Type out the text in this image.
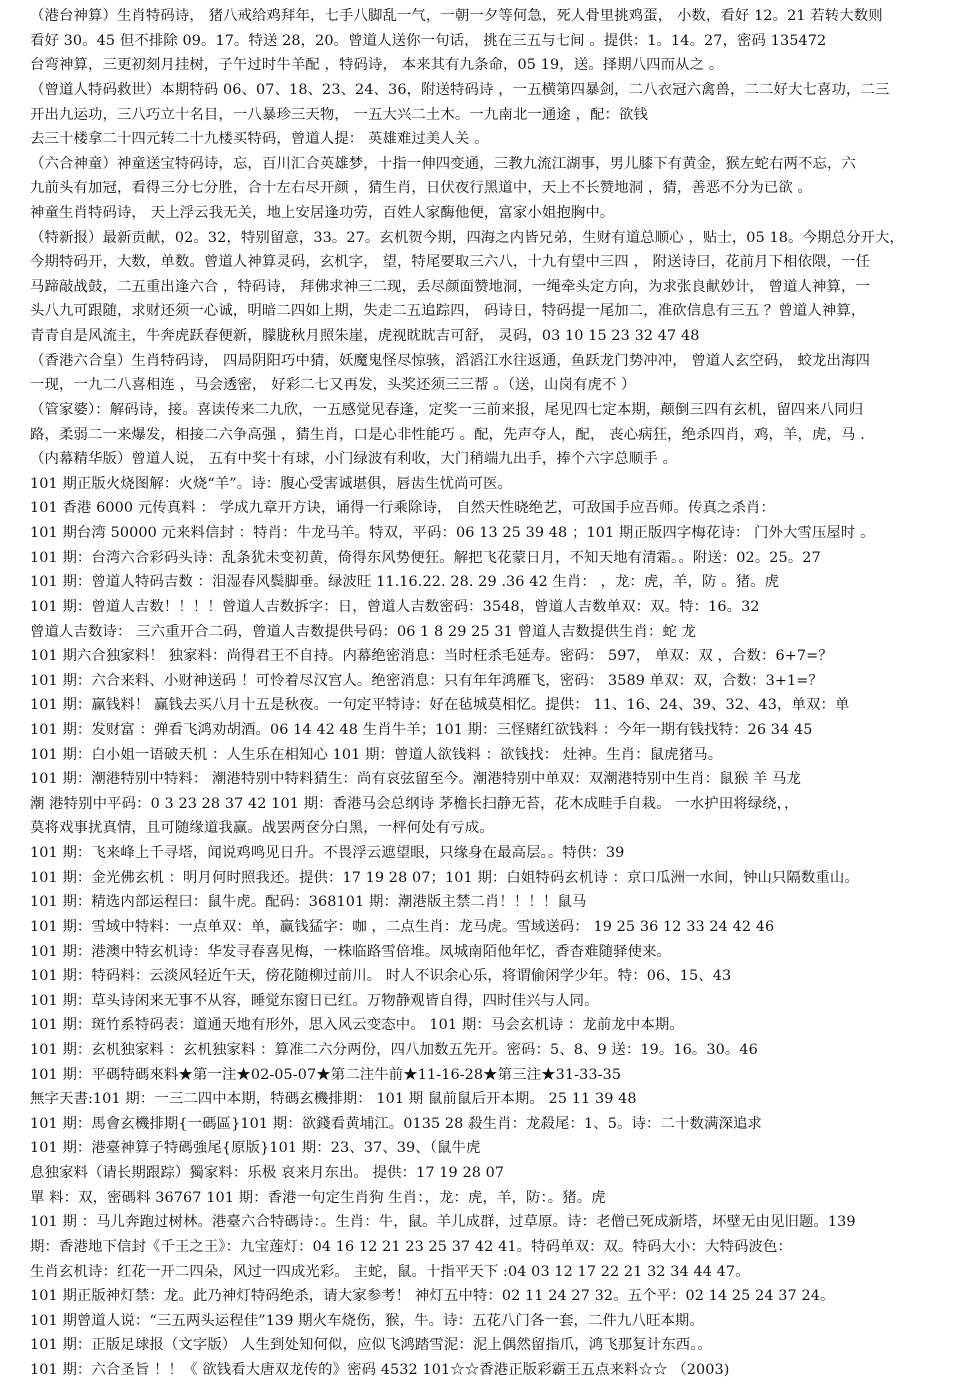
（港台神算）生肖特码诗， 猪八戒给鸡拜年，七手八脚乱一气，一朝一夕等何急，死人骨里挑鸡蛋， 小数，看好 12。21 若转大数则
看好 30。45 但不排除 09。17。特送 28，20。曾道人送你一句话， 挑在三五与七间 。提供：1。14。27，密码 135472
台弯神算，三更初刻月挂树，子午过时牛羊配 ，特码诗， 本来其有九条命，05 19，送。择期八四而从之 。
（曾道人特码救世）本期特码 06、07、18、23、24、36，附送特码诗 ，一五横第四暴剑，二八衣冠六禽兽，二二好大七喜功，二三
开出九运功，三八巧立十名目，一八暴珍三天物， 一五大兴二土木。一九南北一通途 ，配：欲钱
去三十楼拿二十四元转二十九楼买特码，曾道人提： 英雄难过美人关 。
（六合神童）神童送宝特码诗，忘，百川汇合英雄梦，十指一伸四变通，三教九流江湖事，男儿膝下有黄金，猴左蛇右两不忘，六
九前头有加冠，看得三分七分胜，合十左右尽开颜 ，猜生肖，日伏夜行黑道中，天上不长赞地洞 ，猜，善恶不分为已欲 。
神童生肖特码诗， 天上浮云我无关，地上安居逢功劳，百姓人家酶他便，富家小姐抱胸中。
（特新报）最新贡献，02。32，特别留意，33。27。玄机贺今期，四海之内皆兄弟，生财有道总顺心 ，贴士，05 18。今期总分开大，
今期特码开，大数，单数。曾道人神算灵码，玄机字， 望，特尾要取三六八，十九有望中三四 ， 附送诗曰，花前月下相依隈，一任
马蹄敲战鼓，二五重出逢六合 ，特码诗， 拜佛求神三二现，丢尽颜面赞地洞，一绳牵头定方向，为求张良献妙计， 曾道人神算，一
头八九可跟随，求财还须一心诚，明暗二四如上期，失走二五追踪四， 码诗日，特码提一尾加二，准砍信息有三五 ？曾道人神算，
青青自是风流主，牛奔虎跃春便新，朦胧秋月照朱崖，虎视眈眈吉可舒， 灵码，03 10 15 23 32 47 48
（香港六合皇）生肖特码诗， 四局阴阳巧中猜，妖魔鬼怪尽惊骇，滔滔江水往返通，鱼跃龙门势冲冲， 曾道人玄空码， 蛟龙出海四
一现，一九二八喜相连 ，马会透密， 好彩二七又再发，头奖还须三三帮 。（送，山岗有虎不 ）
（管家婆）：解码诗，接。喜读传来二九欣，一五感觉见春逢，定奖一三前来报，尾见四七定本期，颠倒三四有玄机，留四来八同归
路，柔弱二一来爆发，相接二六争高强 ，猜生肖，口是心非性能巧 。配，先声夺人，配， 丧心病狂，绝杀四肖，鸡，羊，虎，马 .
（内幕精华版）曾道人说， 五有中奖十有球，小门绿波有利收，大门稍端九出手，捧个六字总顺手 。
101 期正版火烧图解：火烧“羊”。诗：腹心受害诚堪俱，唇齿生忧尚可医。
101 香港 6000 元传真料 ： 学成九章开方诀，诵得一行乘除诗， 自然天性晓绝艺，可敌国手应吾师。传真之杀肖：
101 期台湾 50000 元来料信封 ：特肖：牛龙马羊。特双，平码：06 13 25 39 48 ；101 期正版四字梅花诗： 门外大雪压屋时 。
101 期：台湾六合彩码头诗：乱条犹未变初黄，倚得东风势便狂。解把飞花蒙日月，不知天地有清霜。。附送：02。25。27
101 期：曾道人特码吉数 ：泪湿春风鬓脚垂。绿波旺 11.16.22. 28. 29 .36 42 生肖： ，龙：虎，羊，防 。猪。虎
101 期：曾道人吉数！！！！曾道人吉数拆字：日，曾道人吉数密码：3548，曾道人吉数单双：双。特：16。32
曾道人吉数诗： 三六重开合二码，曾道人吉数提供号码：06 1 8 29 25 31 曾道人吉数提供生肖：蛇 龙
101 期六合独家料！ 独家料：尚得君王不自持。内幕绝密消息：当时枉杀毛延寿。密码： 597， 单双：双 ，合数：6+7=？
101 期：六合来料、小财神送码 ！可怜着尽汉宫人。绝密消息：只有年年鸿雁飞，密码： 3589 单双：双，合数：3+1=？
101 期：赢钱料！ 赢钱去买八月十五是秋夜。一句定平特诗：好在毡城莫相忆。提供： 11、16、24、39、32、43，单双：单
101 期：发财富 ：弹看飞鸿劝胡酒。06 14 42 48 生肖牛羊；101 期：三怪赌红欲钱料 ：今年一期有钱找特：26 34 45
101 期：白小姐一语破天机 ：人生乐在相知心 101 期：曾道人欲钱料 ：欲钱找： 灶神。生肖：鼠虎猪马。
101 期：潮港特别中特料： 潮港特别中特料猜生：尚有哀弦留至今。潮港特别中单双：双潮港特别中生肖：鼠猴 羊 马龙
潮 港特别中平码：0 3 23 28 37 42 101 期：香港马会总纲诗 茅檐长扫静无苔，花木成畦手自栽。 一水护田将绿绕，，
莫将戏事扰真情，且可随缘道我赢。战罢两奁分白黑，一枰何处有亏成。
101 期：飞来峰上千寻塔，闻说鸡鸣见日升。不畏浮云遮望眼，只缘身在最高层。。特供：39
101 期：金光佛玄机 ：明月何时照我还。提供：17 19 28 07；101 期：白姐特码玄机诗 ：京口瓜洲一水间，钟山只隔数重山。
101 期：精选内部运程曰：鼠牛虎。配码：368101 期：潮港版主禁二肖！！！！鼠马
101 期：雪域中特料：一点单双：单，赢钱猛字：咖 ，二点生肖：龙马虎。雪域送码： 19 25 36 12 33 24 42 46
101 期：港澳中特玄机诗：华发寻春喜见梅，一株临路雪倍堆。凤城南陌他年忆，香杳难随驿使来。
101 期：特码料：云淡风轻近午天，傍花随柳过前川。 时人不识余心乐，将谓偷闲学少年。特：06、15、43
101 期：草头诗闲来无事不从容，睡觉东窗日已红。万物静观皆自得，四时佳兴与人同。
101 期：斑竹系特码表：道通天地有形外，思入风云变态中。 101 期：马会玄机诗 ：龙前龙中本期。
101 期：玄机独家料 ：玄机独家料 ：算准二六分两份，四八加数五先开。密码：5、8、9 送：19。16。30。46
101 期：平碼特碼來料★第一注★02-05-07★第二注牛前★11-16-28★第三注★31-33-35
無字天書:101 期：一三二四中本期，特碼玄機排期： 101 期 鼠前鼠后开本期。 25 11 39 48
101 期：馬會玄機排期{一碼區}101 期：欲錢看黄埔江。0135 28 殺生肖：龙殺尾：1、5。诗：二十数满深追求
101 期：港臺神算子特碼強尾{原版}101 期：23、37、39、（鼠牛虎
息独家料（请长期跟踪）獨家料：乐极 哀来月东出。 提供：17 19 28 07
單 料：双，密碼料 36767 101 期：香港一句定生肖狗 生肖：，龙：虎，羊，防：。猪。虎
101 期 ：马儿奔跑过树林。港臺六合特碼诗：。生肖：牛，鼠。羊儿成群，过草原。诗：老僧已死成新塔，坏壁无由见旧题。139
期：香港地下信封《千王之王》：九宝莲灯：04 16 12 21 23 25 37 42 41。特码单双：双。特码大小：大特码波色：
生肖玄机诗：红花一开二四朵，风过一四成光彩。 主蛇，鼠。十指平天下 :04 03 12 17 22 21 32 34 44 47。
101 期正版神灯禁：龙。此乃神灯特码绝杀，请大家参考！ 神灯五中特：02 11 24 27 32。五个平：02 14 25 24 37 24。
101 期曾道人说：“三五两头运程佳”139 期火车烧伤，猴，牛。诗：五花八门各一套，二件九八旺本期。
101 期：正版足球报（文字版） 人生到处知何似，应似飞鸿踏雪泥：泥上偶然留指爪，鸿飞那复计东西。。
101 期：六合圣旨 ！！《 欲钱看大唐双龙传的》密码 4532 101☆☆香港正版彩霸王五点来料☆☆ （2003)
